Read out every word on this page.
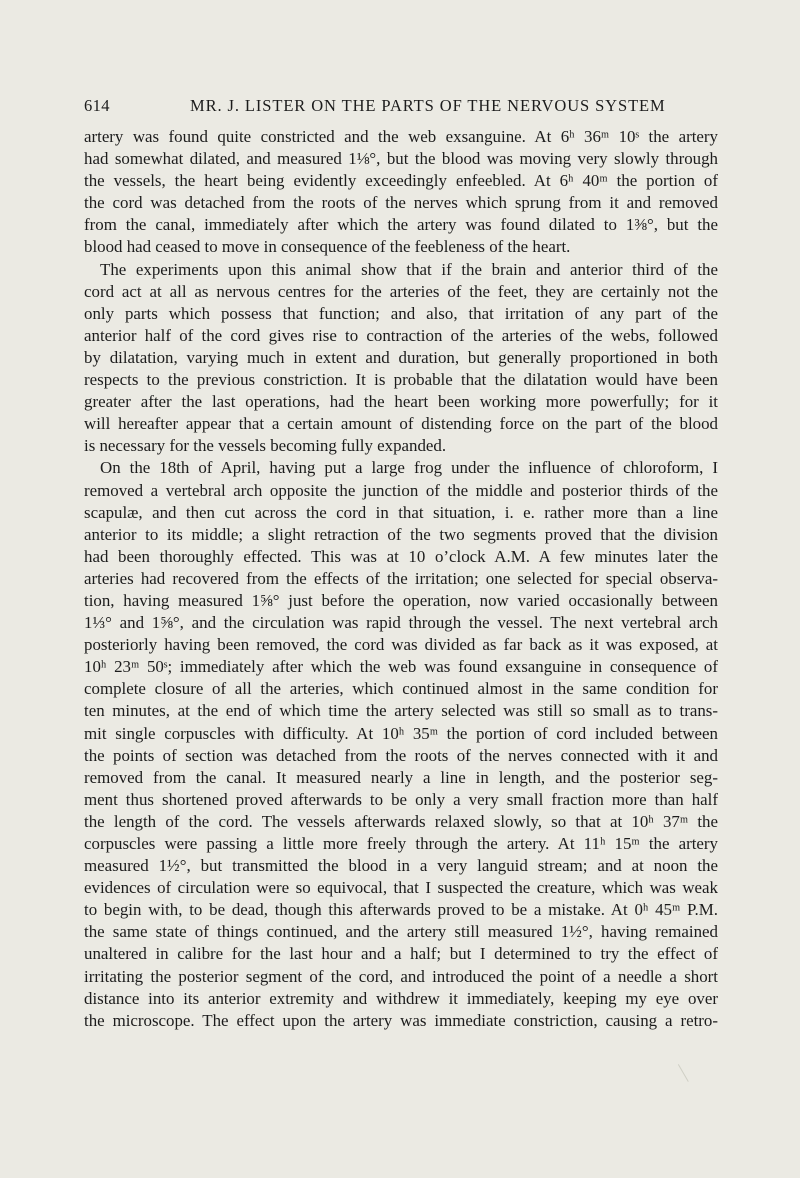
614	MR. J. LISTER ON THE PARTS OF THE NERVOUS SYSTEM
artery was found quite constricted and the web exsanguine. At 6ʰ 36ᵐ 10ˢ the artery
had somewhat dilated, and measured 1⅛°, but the blood was moving very slowly through
the vessels, the heart being evidently exceedingly enfeebled. At 6ʰ 40ᵐ the portion of
the cord was detached from the roots of the nerves which sprung from it and removed
from the canal, immediately after which the artery was found dilated to 1⅜°, but the
blood had ceased to move in consequence of the feebleness of the heart.
The experiments upon this animal show that if the brain and anterior third of the
cord act at all as nervous centres for the arteries of the feet, they are certainly not the
only parts which possess that function; and also, that irritation of any part of the
anterior half of the cord gives rise to contraction of the arteries of the webs, followed
by dilatation, varying much in extent and duration, but generally proportioned in both
respects to the previous constriction. It is probable that the dilatation would have been
greater after the last operations, had the heart been working more powerfully; for it
will hereafter appear that a certain amount of distending force on the part of the blood
is necessary for the vessels becoming fully expanded.
On the 18th of April, having put a large frog under the influence of chloroform, I
removed a vertebral arch opposite the junction of the middle and posterior thirds of the
scapulæ, and then cut across the cord in that situation, i. e. rather more than a line
anterior to its middle; a slight retraction of the two segments proved that the division
had been thoroughly effected. This was at 10 o’clock A.M. A few minutes later the
arteries had recovered from the effects of the irritation; one selected for special observa-
tion, having measured 1⅝° just before the operation, now varied occasionally between
1⅓° and 1⅝°, and the circulation was rapid through the vessel. The next vertebral arch
posteriorly having been removed, the cord was divided as far back as it was exposed, at
10ʰ 23ᵐ 50ˢ; immediately after which the web was found exsanguine in consequence of
complete closure of all the arteries, which continued almost in the same condition for
ten minutes, at the end of which time the artery selected was still so small as to trans-
mit single corpuscles with difficulty. At 10ʰ 35ᵐ the portion of cord included between
the points of section was detached from the roots of the nerves connected with it and
removed from the canal. It measured nearly a line in length, and the posterior seg-
ment thus shortened proved afterwards to be only a very small fraction more than half
the length of the cord. The vessels afterwards relaxed slowly, so that at 10ʰ 37ᵐ the
corpuscles were passing a little more freely through the artery. At 11ʰ 15ᵐ the artery
measured 1½°, but transmitted the blood in a very languid stream; and at noon the
evidences of circulation were so equivocal, that I suspected the creature, which was weak
to begin with, to be dead, though this afterwards proved to be a mistake. At 0ʰ 45ᵐ P.M.
the same state of things continued, and the artery still measured 1½°, having remained
unaltered in calibre for the last hour and a half; but I determined to try the effect of
irritating the posterior segment of the cord, and introduced the point of a needle a short
distance into its anterior extremity and withdrew it immediately, keeping my eye over
the microscope. The effect upon the artery was immediate constriction, causing a retro-
